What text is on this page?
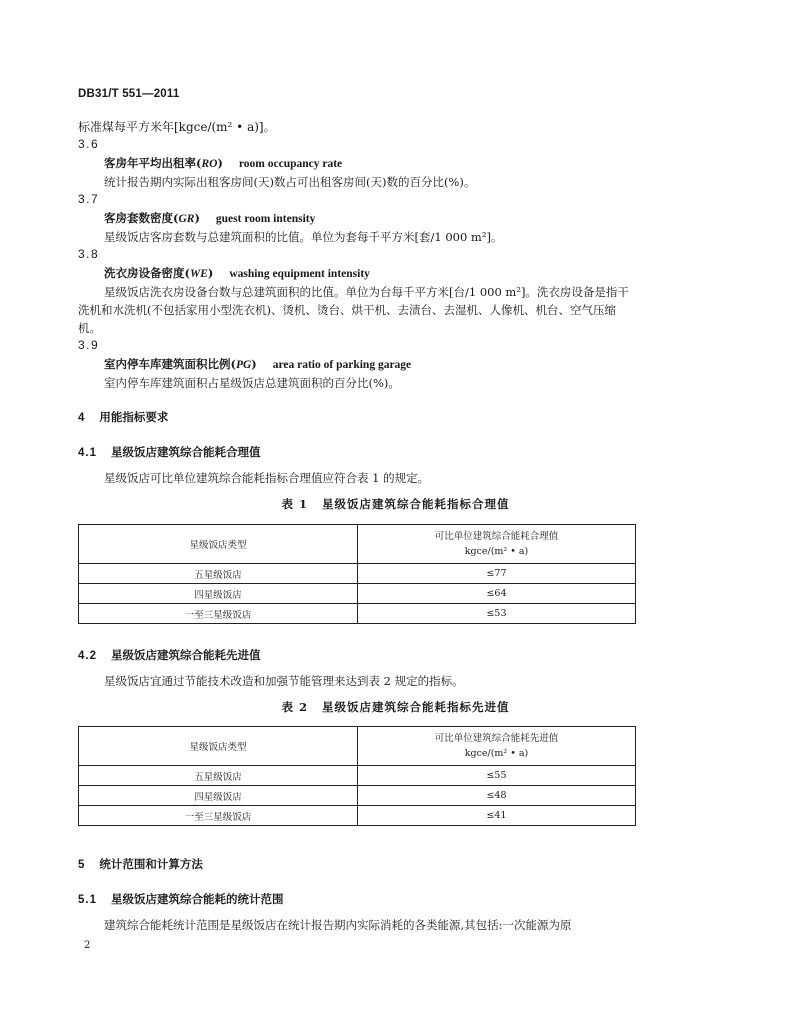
DB31/T 551—2011
标准煤每平方米年[kgce/(m² • a)]。
3.6
客房年平均出租率(RO) room occupancy rate
统计报告期内实际出租客房间(天)数占可出租客房间(天)数的百分比(%)。
3.7
客房套数密度(GR) guest room intensity
星级饭店客房套数与总建筑面积的比值。单位为套每千平方米[套/1 000 m²]。
3.8
洗衣房设备密度(WE) washing equipment intensity
星级饭店洗衣房设备台数与总建筑面积的比值。单位为台每千平方米[台/1 000 m²]。洗衣房设备是指干洗机和水洗机(不包括家用小型洗衣机)、烫机、烫台、烘干机、去渍台、去湿机、人像机、机台、空气压缩机。
3.9
室内停车库建筑面积比例(PG) area ratio of parking garage
室内停车库建筑面积占星级饭店总建筑面积的百分比(%)。
4 用能指标要求
4.1 星级饭店建筑综合能耗合理值
星级饭店可比单位建筑综合能耗指标合理值应符合表 1 的规定。
表 1 星级饭店建筑综合能耗指标合理值
星级饭店类型	可比单位建筑综合能耗合理值
kgce/(m² • a)

五星级饭店	≤77
四星级饭店	≤64
一至三星级饭店	≤53
4.2 星级饭店建筑综合能耗先进值
星级饭店宜通过节能技术改造和加强节能管理来达到表 2 规定的指标。
表 2 星级饭店建筑综合能耗指标先进值
星级饭店类型	可比单位建筑综合能耗先进值
kgce/(m² • a)

五星级饭店	≤55
四星级饭店	≤48
一至三星级饭店	≤41
5 统计范围和计算方法
5.1 星级饭店建筑综合能耗的统计范围
建筑综合能耗统计范围是星级饭店在统计报告期内实际消耗的各类能源,其包括:一次能源为原
2
